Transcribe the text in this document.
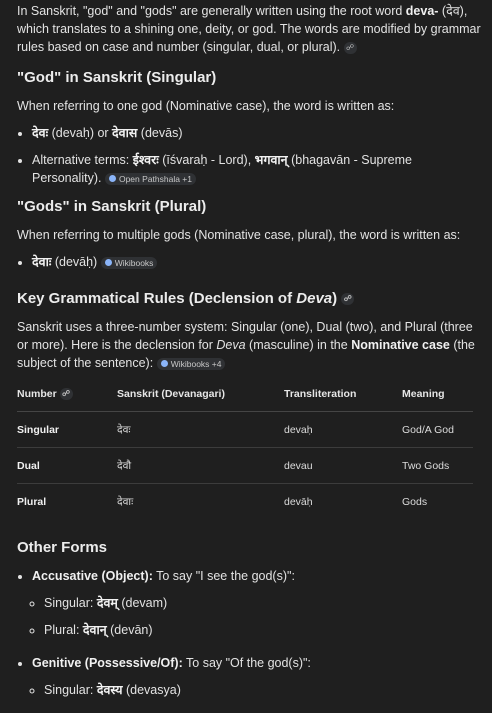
In Sanskrit, "god" and "gods" are generally written using the root word deva- (देव), which translates to a shining one, deity, or god. The words are modified by grammar rules based on case and number (singular, dual, or plural). ☍

"God" in Sanskrit (Singular)

When referring to one god (Nominative case), the word is written as:

• देवः (devaḥ) or देवास (devās)
• Alternative terms: ईश्वरः (īśvaraḥ - Lord), भगवान् (bhagavān - Supreme Personality). Open Pathshala +1
"Gods" in Sanskrit (Plural)

When referring to multiple gods (Nominative case, plural), the word is written as:

• देवाः (devāḥ) Wikibooks
Key Grammatical Rules (Declension of Deva) ☍

Sanskrit uses a three-number system: Singular (one), Dual (two), and Plural (three or more). Here is the declension for Deva (masculine) in the Nominative case (the subject of the sentence): Wikibooks +4

Number ☍	Sanskrit (Devanagari)	Transliteration	Meaning
Singular	देवः	devaḥ	God/A God
Dual	देवौ	devau	Two Gods
Plural	देवाः	devāḥ	Gods
Other Forms
• Accusative (Object): To say "I see the god(s)":
◦ Singular: देवम् (devam)
◦ Plural: देवान् (devān)
• Genitive (Possessive/Of): To say "Of the god(s)":
◦ Singular: देवस्य (devasya)
